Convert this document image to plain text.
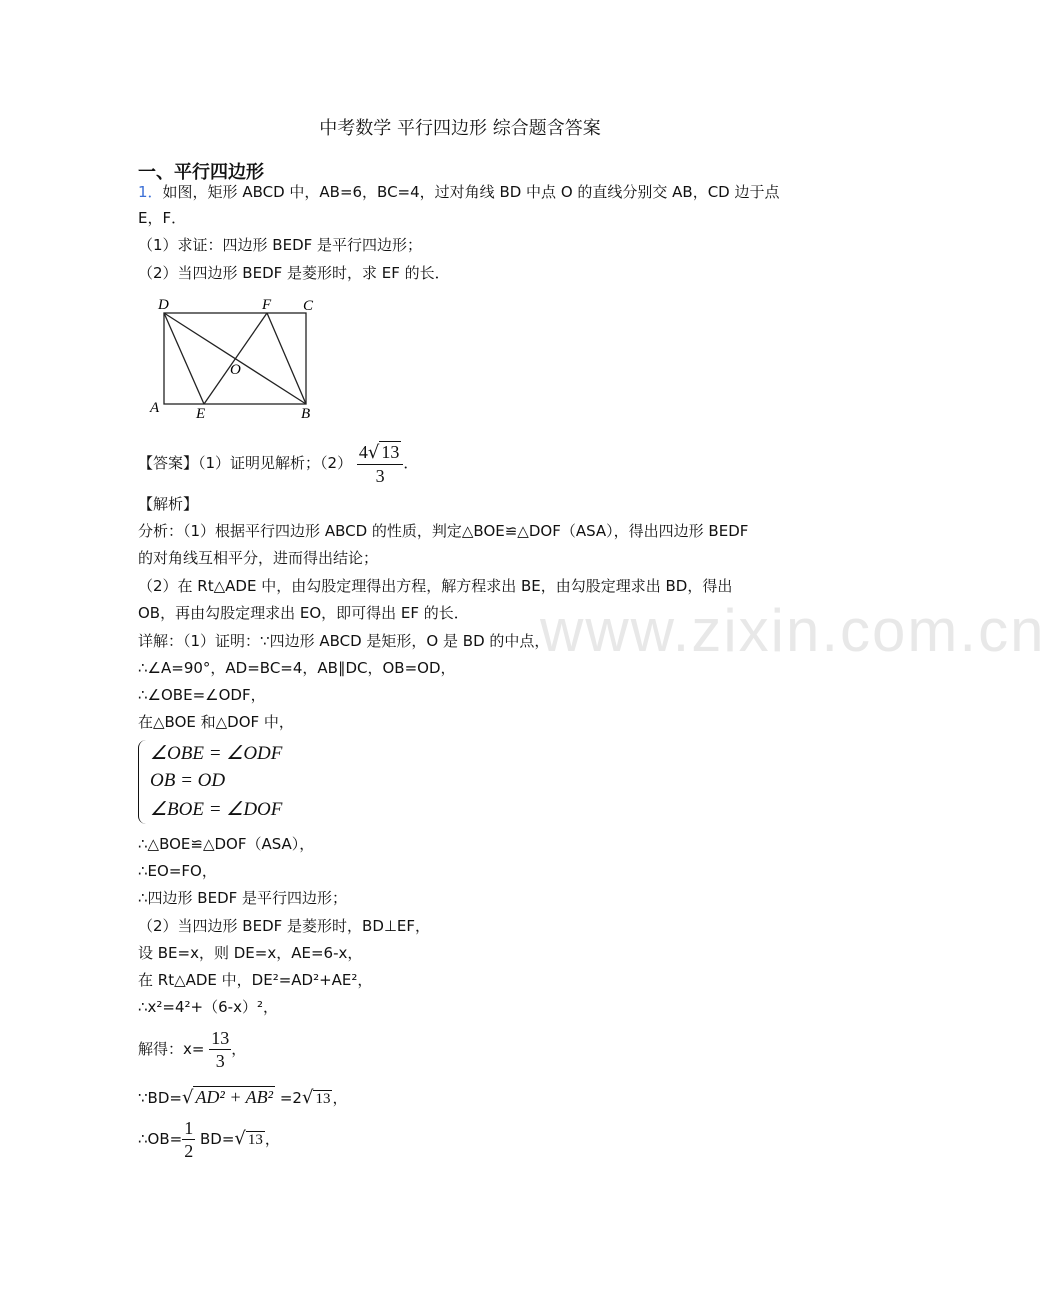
www.zixin.com.cn
中考数学 平行四边形 综合题含答案
一、平行四边形
1．如图，矩形 ABCD 中，AB=6，BC=4，过对角线 BD 中点 O 的直线分别交 AB，CD 边于点
E，F．
（1）求证：四边形 BEDF 是平行四边形；
（2）当四边形 BEDF 是菱形时，求 EF 的长．
D	F C
O
A E	B
【答案】（1）证明见解析；$(2) \frac{4√ 13}{3}$ ．
【解析】
分析：（1）根据平行四边形 ABCD 的性质，判定△BOE≌△DOF（ASA），得出四边形 BEDF
的对角线互相平分，进而得出结论；
（2）在 Rt△ADE 中，由勾股定理得出方程，解方程求出 BE，由勾股定理求出 BD，得出
OB，再由勾股定理求出 EO，即可得出 EF 的长．
详解：（1）证明：∵四边形 ABCD 是矩形，O 是 BD 的中点，
∴∠A=90°，AD=BC=4，AB∥DC，OB=OD，
∴∠OBE=∠ODF，
在△BOE 和△DOF 中，
∠OBE = ∠ODF
OB = OD
∠BOE = ∠DOF
∴△BOE≌△DOF（ASA），
∴EO=FO，
∴四边形 BEDF 是平行四边形；
（2）当四边形 BEDF 是菱形时，BD⊥EF，
设 BE=x，则 DE=x，AE=6-x，
在 Rt△ADE 中，DE²=AD²+AE²，
∴x²=4²+（6-x）²，
解得：$x= \frac{13}{3}$ ，
∵BD=√ AD² + AB² =2√ 13 ，
∴OB= $\frac{1}{2} BD=√$ 13 ，
